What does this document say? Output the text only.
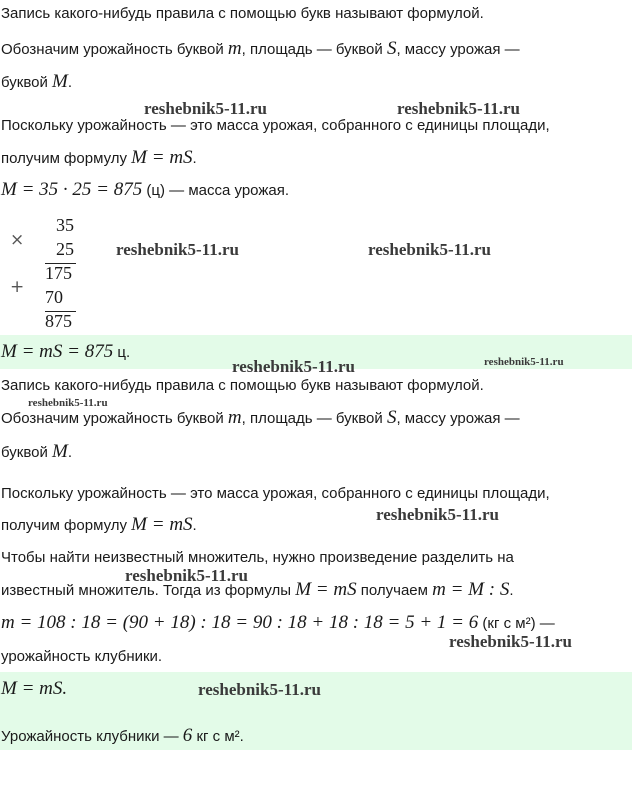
Запись какого-нибудь правила с помощью букв называют формулой.
Обозначим урожайность буквой m, площадь — буквой S, массу урожая —
буквой M.
Поскольку урожайность — это масса урожая, собранного с единицы площади,
получим формулу M = mS.
M = 35 · 25 = 875 (ц) — масса урожая.
×
35
25
175
+ 70
875
M = mS = 875 ц.
Запись какого-нибудь правила с помощью букв называют формулой.
Обозначим урожайность буквой m, площадь — буквой S, массу урожая —
буквой M.
Поскольку урожайность — это масса урожая, собранного с единицы площади,
получим формулу M = mS.
Чтобы найти неизвестный множитель, нужно произведение разделить на
известный множитель. Тогда из формулы M = mS получаем m = M : S.
m = 108 : 18 = (90 + 18) : 18 = 90 : 18 + 18 : 18 = 5 + 1 = 6 (кг с м²) —
урожайность клубники.
M = mS.
Урожайность клубники — 6 кг с м².
reshebnik5-11.ru	reshebnik5-11.ru
reshebnik5-11.ru	reshebnik5-11.ru
reshebnik5-11.ru	reshebnik5-11.ru
reshebnik5-11.ru
reshebnik5-11.ru
reshebnik5-11.ru
reshebnik5-11.ru
reshebnik5-11.ru
